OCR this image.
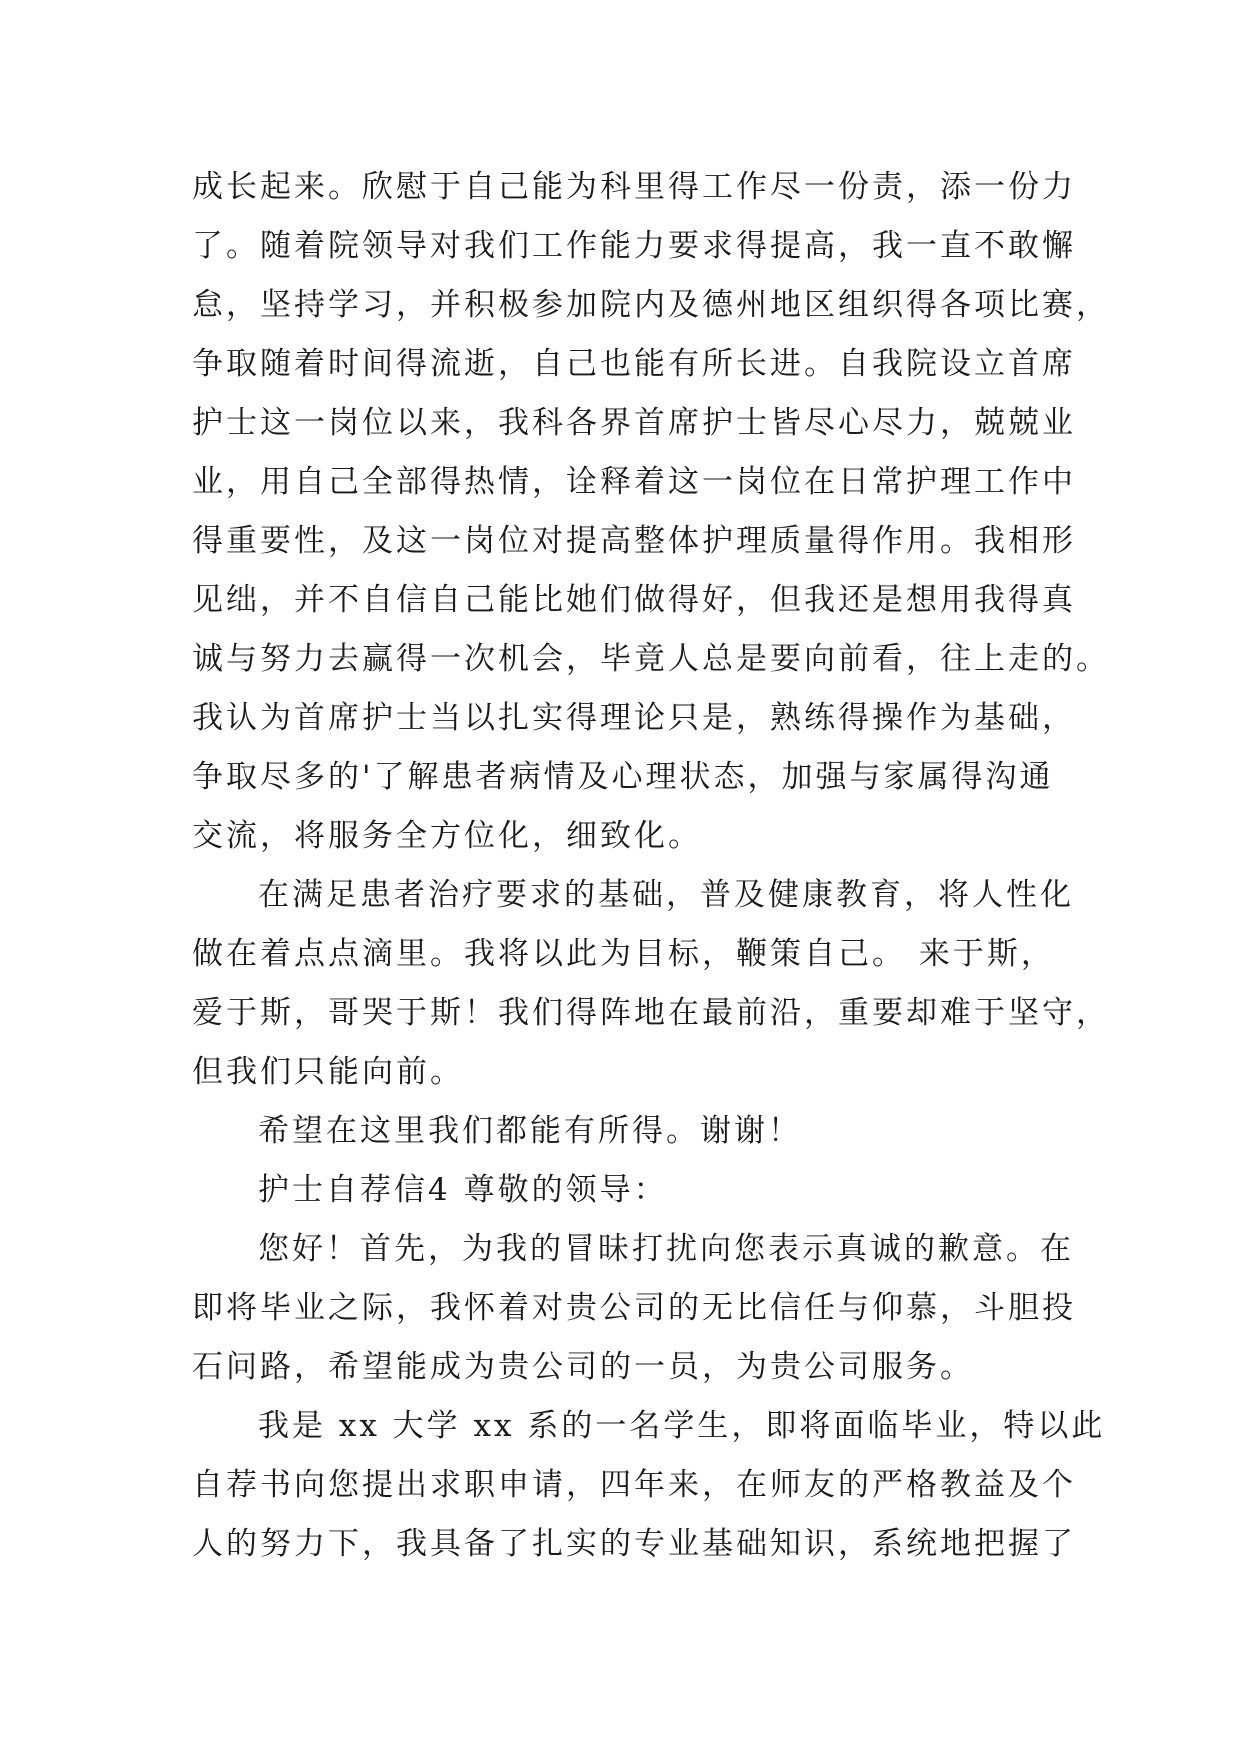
成长起来。欣慰于自己能为科里得工作尽一份责，添一份力
了。随着院领导对我们工作能力要求得提高，我一直不敢懈
怠，坚持学习，并积极参加院内及德州地区组织得各项比赛，
争取随着时间得流逝，自己也能有所长进。自我院设立首席
护士这一岗位以来，我科各界首席护士皆尽心尽力，兢兢业
业，用自己全部得热情，诠释着这一岗位在日常护理工作中
得重要性，及这一岗位对提高整体护理质量得作用。我相形
见绌，并不自信自己能比她们做得好，但我还是想用我得真
诚与努力去赢得一次机会，毕竟人总是要向前看，往上走的。
我认为首席护士当以扎实得理论只是，熟练得操作为基础，
争取尽多的'了解患者病情及心理状态，加强与家属得沟通
交流，将服务全方位化，细致化。
在满足患者治疗要求的基础，普及健康教育，将人性化
做在着点点滴里。我将以此为目标，鞭策自己。 来于斯，
爱于斯，哥哭于斯！我们得阵地在最前沿，重要却难于坚守，
但我们只能向前。
希望在这里我们都能有所得。谢谢！
护士自荐信4 尊敬的领导：
您好！首先，为我的冒昧打扰向您表示真诚的歉意。在
即将毕业之际，我怀着对贵公司的无比信任与仰慕，斗胆投
石问路，希望能成为贵公司的一员，为贵公司服务。
我是 xx 大学 xx 系的一名学生，即将面临毕业，特以此
自荐书向您提出求职申请，四年来，在师友的严格教益及个
人的努力下，我具备了扎实的专业基础知识，系统地把握了
